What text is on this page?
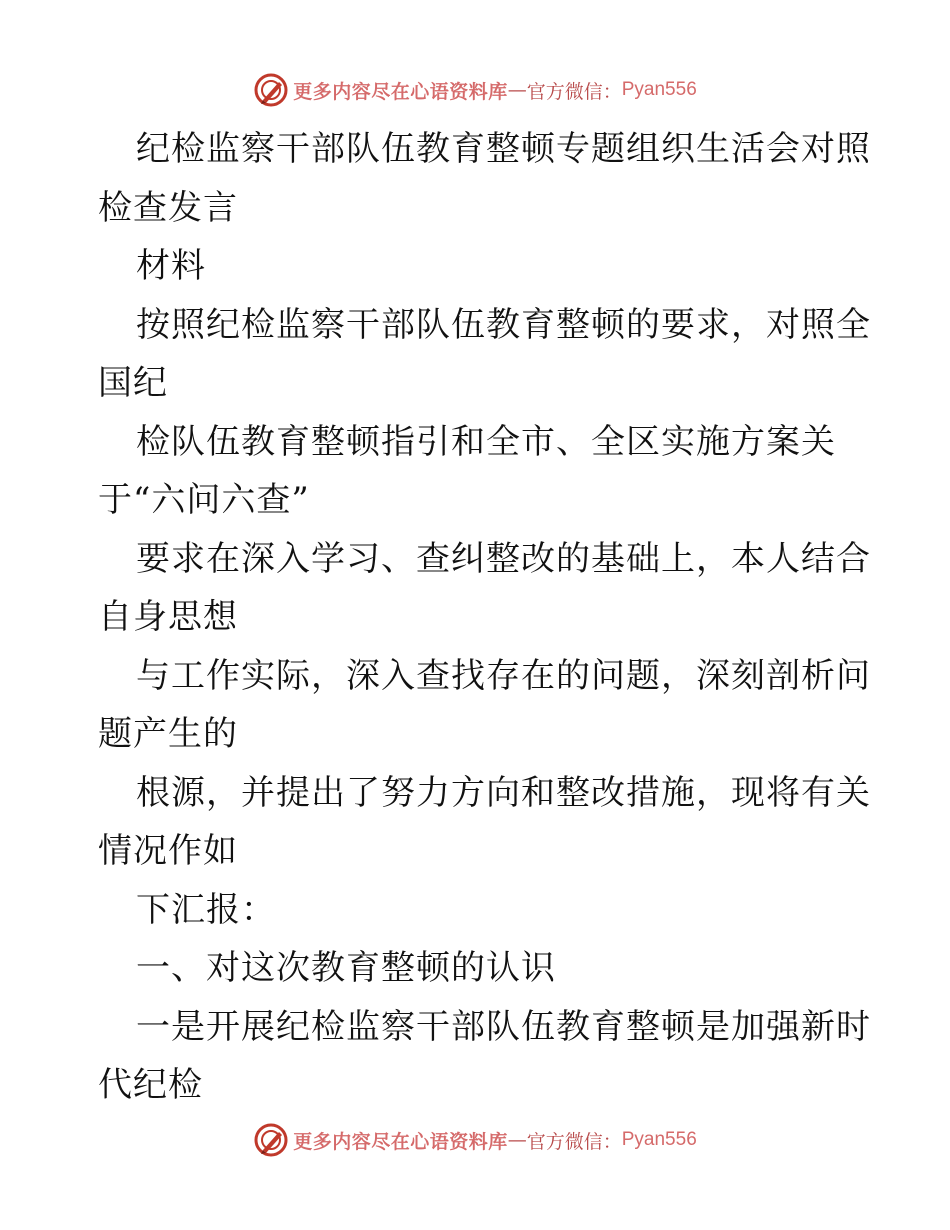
更多内容尽在心语资料库 — 官方微信： Pyan556
纪检监察干部队伍教育整顿专题组织生活会对照
检查发言
材料
按照纪检监察干部队伍教育整顿的要求，对照全
国纪
检队伍教育整顿指引和全市、全区实施方案关
于“六问六查”
要求在深入学习、查纠整改的基础上，本人结合
自身思想
与工作实际，深入查找存在的问题，深刻剖析问
题产生的
根源，并提出了努力方向和整改措施，现将有关
情况作如
下汇报：
一、对这次教育整顿的认识
一是开展纪检监察干部队伍教育整顿是加强新时
代纪检
更多内容尽在心语资料库 — 官方微信： Pyan556
